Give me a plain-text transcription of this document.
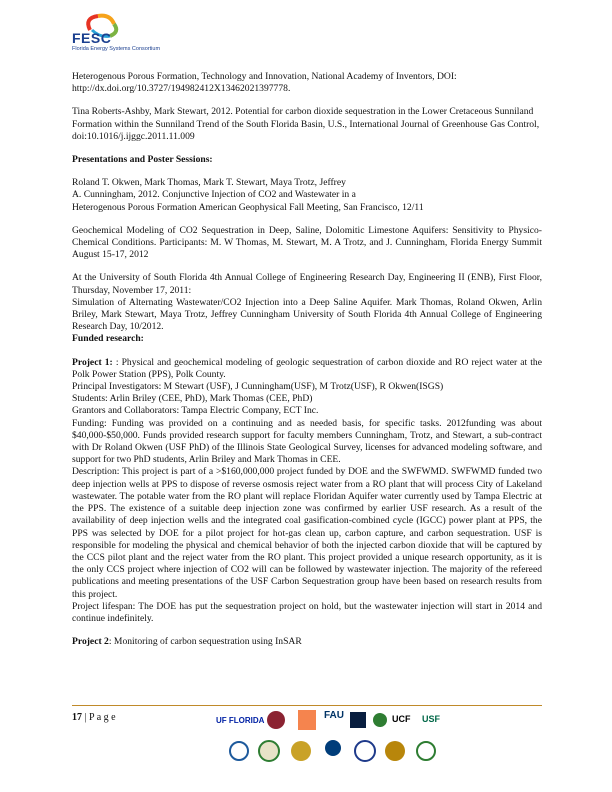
FESC
Florida Energy Systems Consortium

Heterogenous Porous Formation, Technology and Innovation, National Academy of Inventors, DOI: http://dx.doi.org/10.3727/194982412X13462021397778.

Tina Roberts-Ashby, Mark Stewart, 2012. Potential for carbon dioxide sequestration in the Lower Cretaceous Sunniland Formation within the Sunniland Trend of the South Florida Basin, U.S., International Journal of Greenhouse Gas Control, doi:10.1016/j.ijggc.2011.11.009

Presentations and Poster Sessions:

Roland T. Okwen, Mark Thomas, Mark T. Stewart, Maya Trotz, Jeffrey

A. Cunningham, 2012. Conjunctive Injection of CO2 and Wastewater in a

Heterogenous Porous Formation American Geophysical Fall Meeting, San Francisco, 12/11

Geochemical Modeling of CO2 Sequestration in Deep, Saline, Dolomitic Limestone Aquifers: Sensitivity to Physico-Chemical Conditions. Participants: M. W Thomas, M. Stewart, M. A Trotz, and J. Cunningham, Florida Energy Summit August 15-17, 2012

At the University of South Florida 4th Annual College of Engineering Research Day, Engineering II (ENB), First Floor, Thursday, November 17, 2011:

Simulation of Alternating Wastewater/CO2 Injection into a Deep Saline Aquifer. Mark Thomas, Roland Okwen, Arlin Briley, Mark Stewart, Maya Trotz, Jeffrey Cunningham University of South Florida 4th Annual College of Engineering Research Day, 10/2012.

Funded research:

Project 1: : Physical and geochemical modeling of geologic sequestration of carbon dioxide and RO reject water at the Polk Power Station (PPS), Polk County.

Principal Investigators: M Stewart (USF), J Cunningham(USF), M Trotz(USF), R Okwen(ISGS)

Students: Arlin Briley (CEE, PhD), Mark Thomas (CEE, PhD)

Grantors and Collaborators: Tampa Electric Company, ECT Inc.

Funding: Funding was provided on a continuing and as needed basis, for specific tasks. 2012funding was about $40,000-$50,000. Funds provided research support for faculty members Cunningham, Trotz, and Stewart, a sub-contract with Dr Roland Okwen (USF PhD) of the Illinois State Geological Survey, licenses for advanced modeling software, and support for two PhD students, Arlin Briley and Mark Thomas in CEE.

Description: This project is part of a >$160,000,000 project funded by DOE and the SWFWMD. SWFWMD funded two deep injection wells at PPS to dispose of reverse osmosis reject water from a RO plant that will process City of Lakeland wastewater. The potable water from the RO plant will replace Floridan Aquifer water currently used by Tampa Electric at the PPS. The existence of a suitable deep injection zone was confirmed by earlier USF research. As a result of the availability of deep injection wells and the integrated coal gasification-combined cycle (IGCC) power plant at PPS, the PPS was selected by DOE for a pilot project for hot-gas clean up, carbon capture, and carbon sequestration. USF is responsible for modeling the physical and chemical behavior of both the injected carbon dioxide that will be captured by the CCS pilot plant and the reject water from the RO plant. This project provided a unique research opportunity, as it is the only CCS project where injection of CO2 will can be followed by wastewater injection. The majority of the refereed publications and meeting presentations of the USF Carbon Sequestration group have been based on research results from this project.

Project lifespan: The DOE has put the sequestration project on hold, but the wastewater injection will start in 2014 and continue indefinitely.

Project 2: Monitoring of carbon sequestration using InSAR

17 | P a g e	UF FLORIDA	FAU	UCF USF
